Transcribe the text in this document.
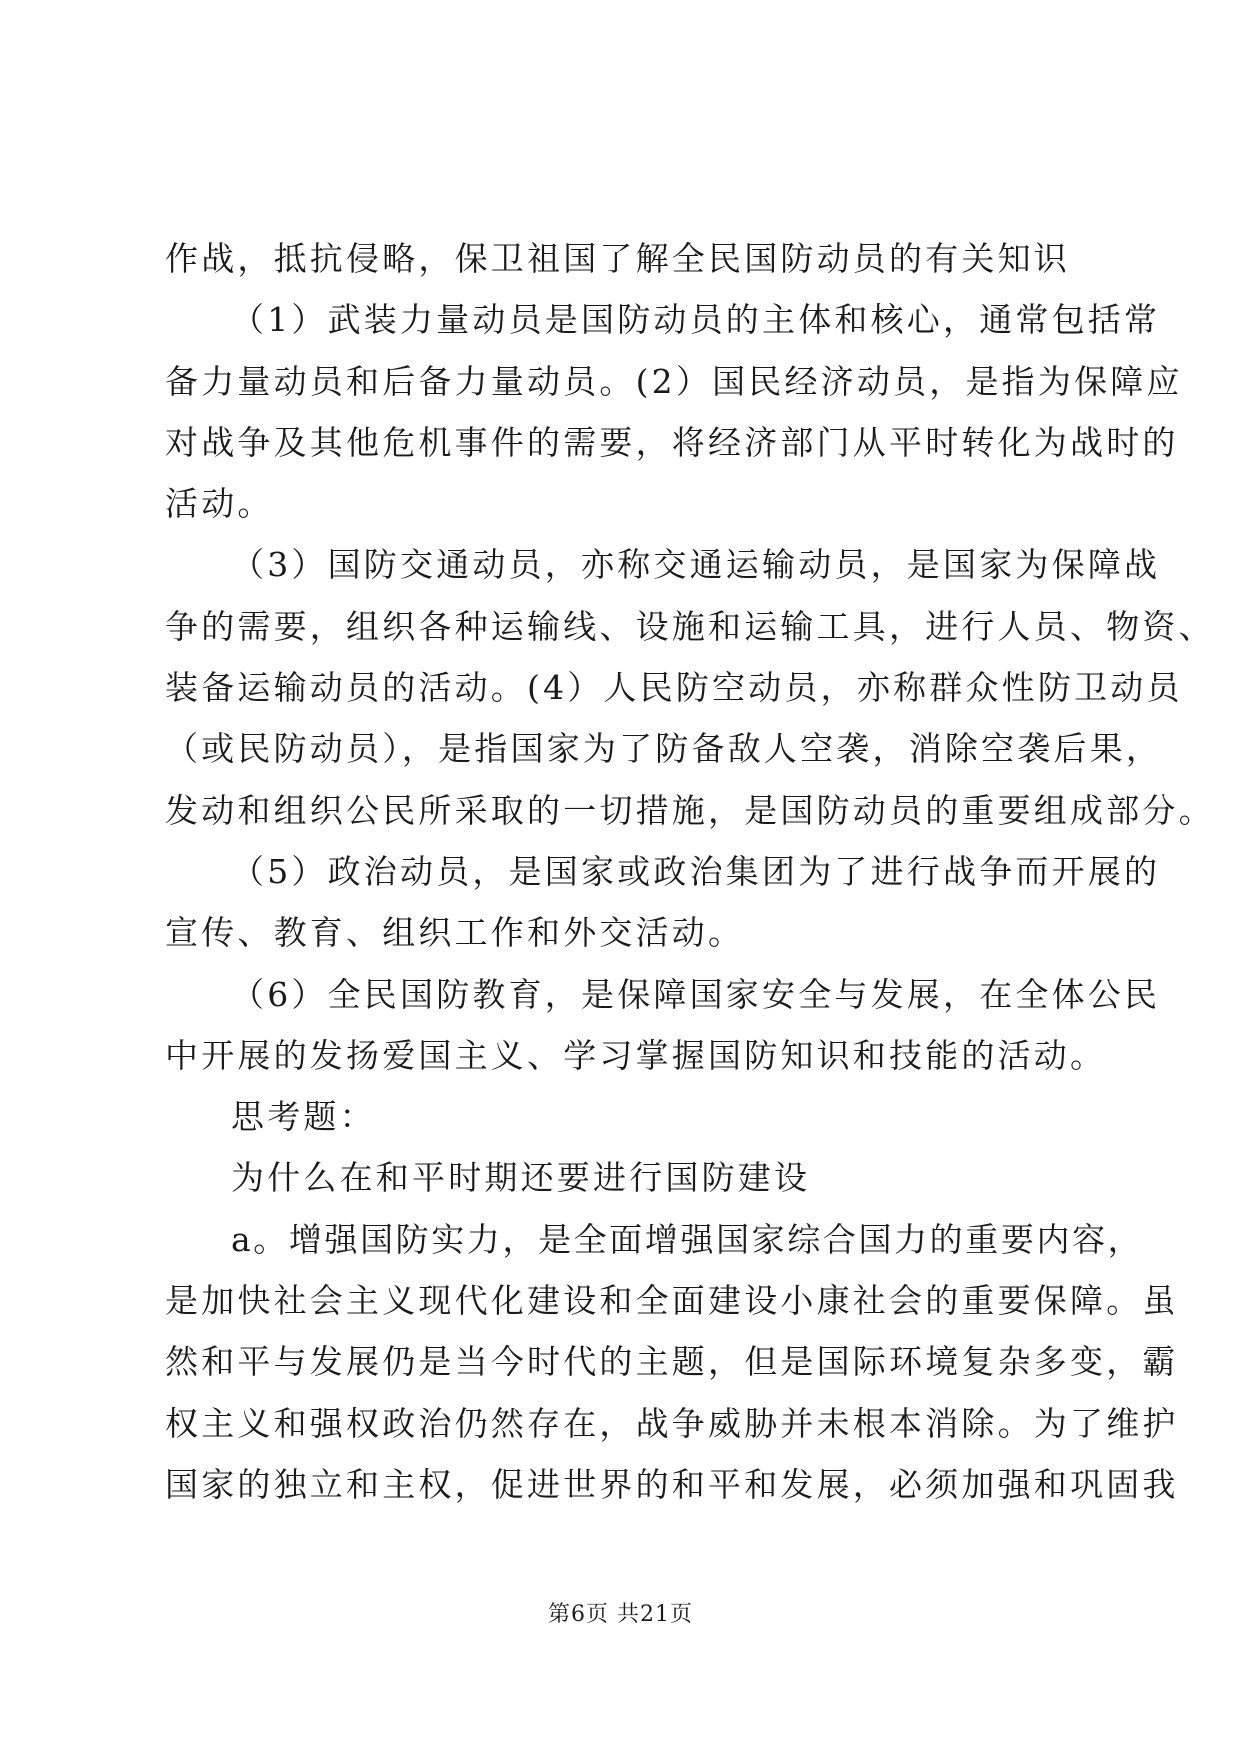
作战，抵抗侵略，保卫祖国了解全民国防动员的有关知识
（1）武装力量动员是国防动员的主体和核心，通常包括常
备力量动员和后备力量动员。(2）国民经济动员，是指为保障应
对战争及其他危机事件的需要，将经济部门从平时转化为战时的
活动。
（3）国防交通动员，亦称交通运输动员，是国家为保障战
争的需要，组织各种运输线、设施和运输工具，进行人员、物资、
装备运输动员的活动。(4）人民防空动员，亦称群众性防卫动员
（或民防动员），是指国家为了防备敌人空袭，消除空袭后果，
发动和组织公民所采取的一切措施，是国防动员的重要组成部分。
（5）政治动员，是国家或政治集团为了进行战争而开展的
宣传、教育、组织工作和外交活动。
（6）全民国防教育，是保障国家安全与发展，在全体公民
中开展的发扬爱国主义、学习掌握国防知识和技能的活动。
思考题：
为什么在和平时期还要进行国防建设
a。增强国防实力，是全面增强国家综合国力的重要内容，
是加快社会主义现代化建设和全面建设小康社会的重要保障。虽
然和平与发展仍是当今时代的主题，但是国际环境复杂多变，霸
权主义和强权政治仍然存在，战争威胁并未根本消除。为了维护
国家的独立和主权，促进世界的和平和发展，必须加强和巩固我
第6页 共21页
